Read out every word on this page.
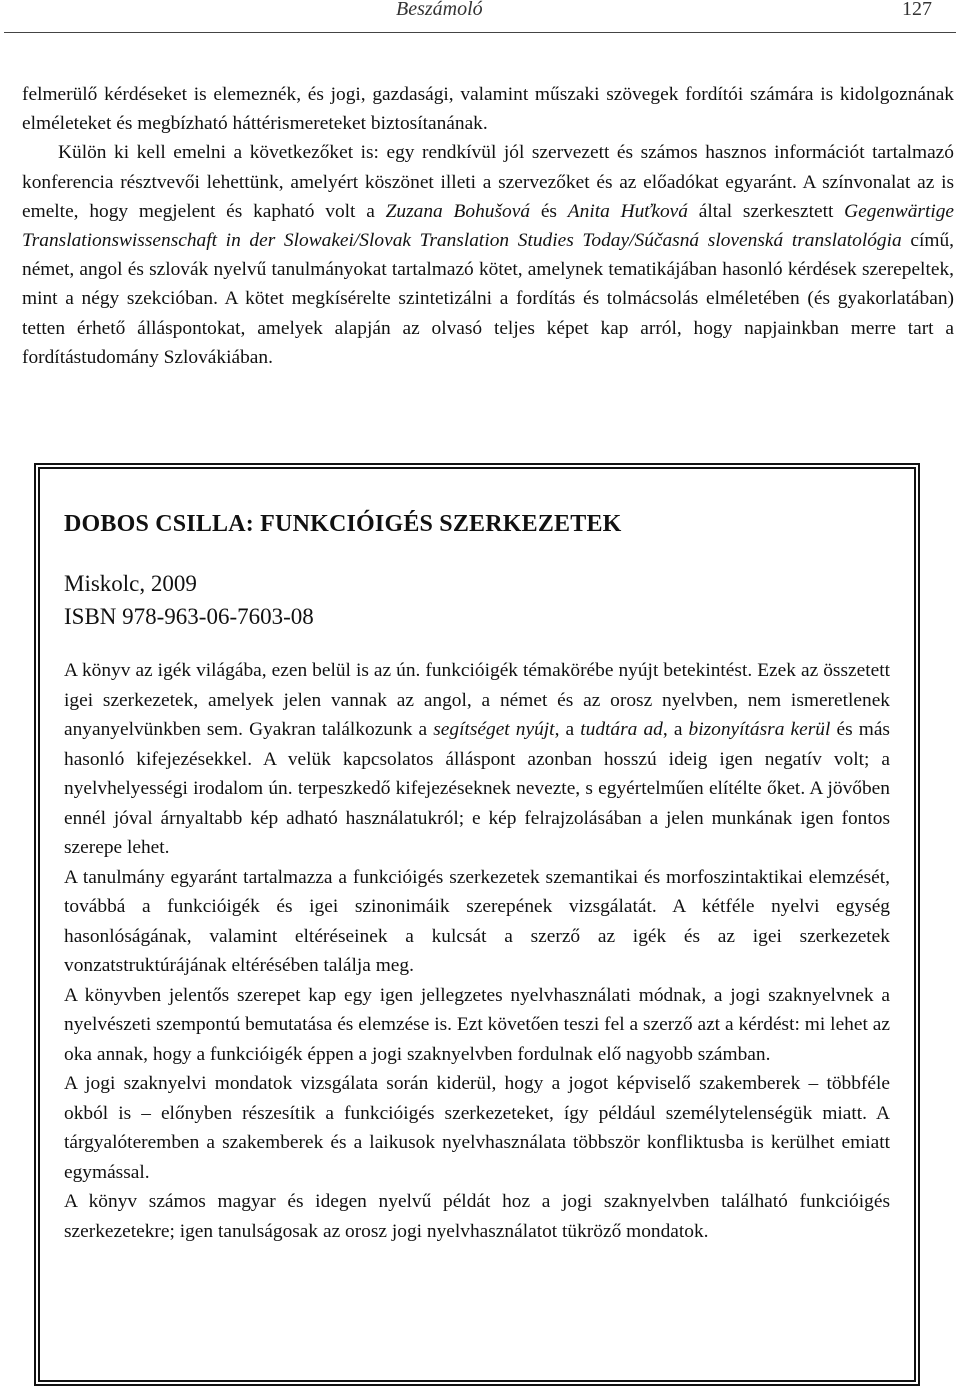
Beszámoló	127

felmerülő kérdéseket is elemeznék, és jogi, gazdasági, valamint műszaki szövegek fordítói számára is kidolgoznának elméleteket és megbízható háttérismereteket biztosítanának.

Külön ki kell emelni a következőket is: egy rendkívül jól szervezett és számos hasznos információt tartalmazó konferencia résztvevői lehettünk, amelyért köszönet illeti a szervezőket és az előadókat egyaránt. A színvonalat az is emelte, hogy megjelent és kapható volt a Zuzana Bohušová és Anita Huťková által szerkesztett Gegenwärtige Translationswissenschaft in der Slowakei/Slovak Translation Studies Today/Súčasná slovenská translatológia című, német, angol és szlovák nyelvű tanulmányokat tartalmazó kötet, amelynek tematikájában hasonló kérdések szerepeltek, mint a négy szekcióban. A kötet megkísérelte szintetizálni a fordítás és tolmácsolás elméletében (és gyakorlatában) tetten érhető álláspontokat, amelyek alapján az olvasó teljes képet kap arról, hogy napjainkban merre tart a fordítástudomány Szlovákiában.

DOBOS CSILLA: FUNKCIÓIGÉS SZERKEZETEK
Miskolc, 2009
ISBN 978-963-06-7603-08

A könyv az igék világába, ezen belül is az ún. funkcióigék témakörébe nyújt betekintést. Ezek az összetett igei szerkezetek, amelyek jelen vannak az angol, a német és az orosz nyelvben, nem ismeretlenek anyanyelvünkben sem. Gyakran találkozunk a segítséget nyújt, a tudtára ad, a bizonyításra kerül és más hasonló kifejezésekkel. A velük kapcsolatos álláspont azonban hosszú ideig igen negatív volt; a nyelvhelyességi irodalom ún. terpeszkedő kifejezéseknek nevezte, s egyértelműen elítélte őket. A jövőben ennél jóval árnyaltabb kép adható használatukról; e kép felrajzolásában a jelen munkának igen fontos szerepe lehet.

A tanulmány egyaránt tartalmazza a funkcióigés szerkezetek szemantikai és morfoszintaktikai elemzését, továbbá a funkcióigék és igei szinonimáik szerepének vizsgálatát. A kétféle nyelvi egység hasonlóságának, valamint eltéréseinek a kulcsát a szerző az igék és az igei szerkezetek vonzatstruktúrájának eltérésében találja meg.

A könyvben jelentős szerepet kap egy igen jellegzetes nyelvhasználati módnak, a jogi szaknyelvnek a nyelvészeti szempontú bemutatása és elemzése is. Ezt követően teszi fel a szerző azt a kérdést: mi lehet az oka annak, hogy a funkcióigék éppen a jogi szaknyelvben fordulnak elő nagyobb számban.

A jogi szaknyelvi mondatok vizsgálata során kiderül, hogy a jogot képviselő szakemberek – többféle okból is – előnyben részesítik a funkcióigés szerkezeteket, így például személytelenségük miatt. A tárgyalóteremben a szakemberek és a laikusok nyelvhasználata többször konfliktusba is kerülhet emiatt egymással.

A könyv számos magyar és idegen nyelvű példát hoz a jogi szaknyelvben található funkcióigés szerkezetekre; igen tanulságosak az orosz jogi nyelvhasználatot tükröző mondatok.
